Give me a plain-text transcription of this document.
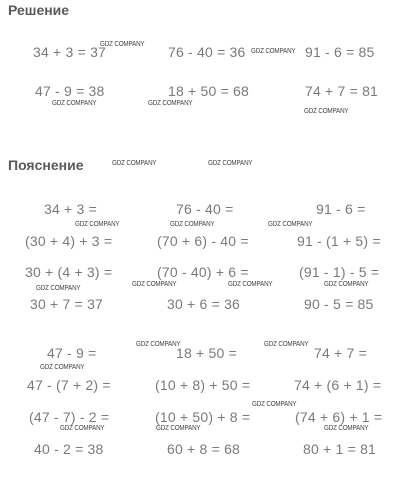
Решение
Пояснение
34 + 3 = 37	76 - 40 = 36	91 - 6 = 85
47 - 9 = 38	18 + 50 = 68	74 + 7 = 81
34 + 3 =	76 - 40 =	91 - 6 =
(30 + 4) + 3 =	(70 + 6) - 40 =	91 - (1 + 5) =
30 + (4 + 3) =	(70 - 40) + 6 =	(91 - 1) - 5 =
30 + 7 = 37	30 + 6 = 36	90 - 5 = 85
47 - 9 =	18 + 50 =	74 + 7 =
47 - (7 + 2) =	(10 + 8) + 50 =	74 + (6 + 1) =
(47 - 7) - 2 =	(10 + 50) + 8 =	(74 + 6) + 1 =
40 - 2 = 38	60 + 8 = 68	80 + 1 = 81
GDZ COMPANY
GDZ COMPANY
GDZ COMPANY	GDZ COMPANY
GDZ COMPANY
GDZ COMPANY	GDZ COMPANY
GDZ COMPANY	GDZ COMPANY	GDZ COMPANY
GDZ COMPANY
GDZ COMPANY	GDZ COMPANY	GDZ COMPANY
GDZ COMPANY	GDZ COMPANY
GDZ COMPANY
GDZ COMPANY
GDZ COMPANY	GDZ COMPANY	GDZ COMPANY
